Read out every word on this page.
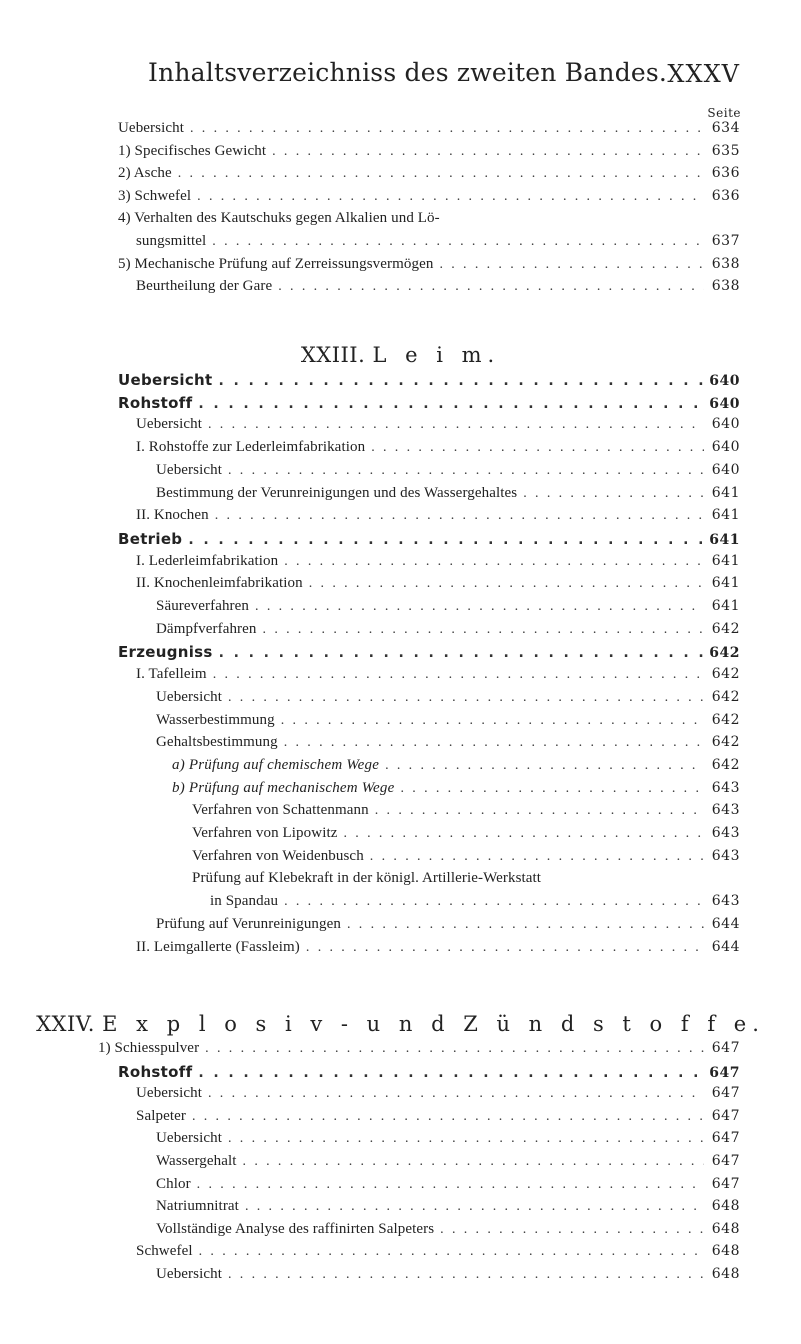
Inhaltsverzeichniss des zweiten Bandes. XXXV
Seite
Uebersicht . . .	634
1) Specifisches Gewicht . . .	635
2) Asche . . .	636
3) Schwefel . . .	636
4) Verhalten des Kautschuks gegen Alkalien und Lö-
sungsmittel . . .	637
5) Mechanische Prüfung auf Zerreissungsvermögen . . .	638
Beurtheilung der Gare . . .	638
XXIII. L e i m.
Uebersicht . . .	640
Rohstoff . . .	640
Uebersicht . . .	640
I. Rohstoffe zur Lederleimfabrikation . . .	640
Uebersicht . . .	640
Bestimmung der Verunreinigungen und des Wassergehaltes . . .	641
II. Knochen . . .	641
Betrieb . . .	641
I. Lederleimfabrikation . . .	641
II. Knochenleimfabrikation . . .	641
Säureverfahren . . .	641
Dämpfverfahren . . .	642
Erzeugniss . . .	642
I. Tafelleim . . .	642
Uebersicht . . .	642
Wasserbestimmung . . .	642
Gehaltsbestimmung . . .	642
a) Prüfung auf chemischem Wege . . .	642
b) Prüfung auf mechanischem Wege . . .	643
Verfahren von Schattenmann . . .	643
Verfahren von Lipowitz . . .	643
Verfahren von Weidenbusch . . .	643
Prüfung auf Klebekraft in der königl. Artillerie-Werkstatt
in Spandau . . .	643
Prüfung auf Verunreinigungen . . .	644
II. Leimgallerte (Fassleim) . . .	644
XXIV. E x p l o s i v - u n d Z ü n d s t o f f e.
1) Schiesspulver . . .	647
Rohstoff . . .	647
Uebersicht . . .	647
Salpeter . . .	647
Uebersicht . . .	647
Wassergehalt . . .	647
Chlor . . .	647
Natriumnitrat . . .	648
Vollständige Analyse des raffinirten Salpeters . . .	648
Schwefel . . .	648
Uebersicht . . .	648
